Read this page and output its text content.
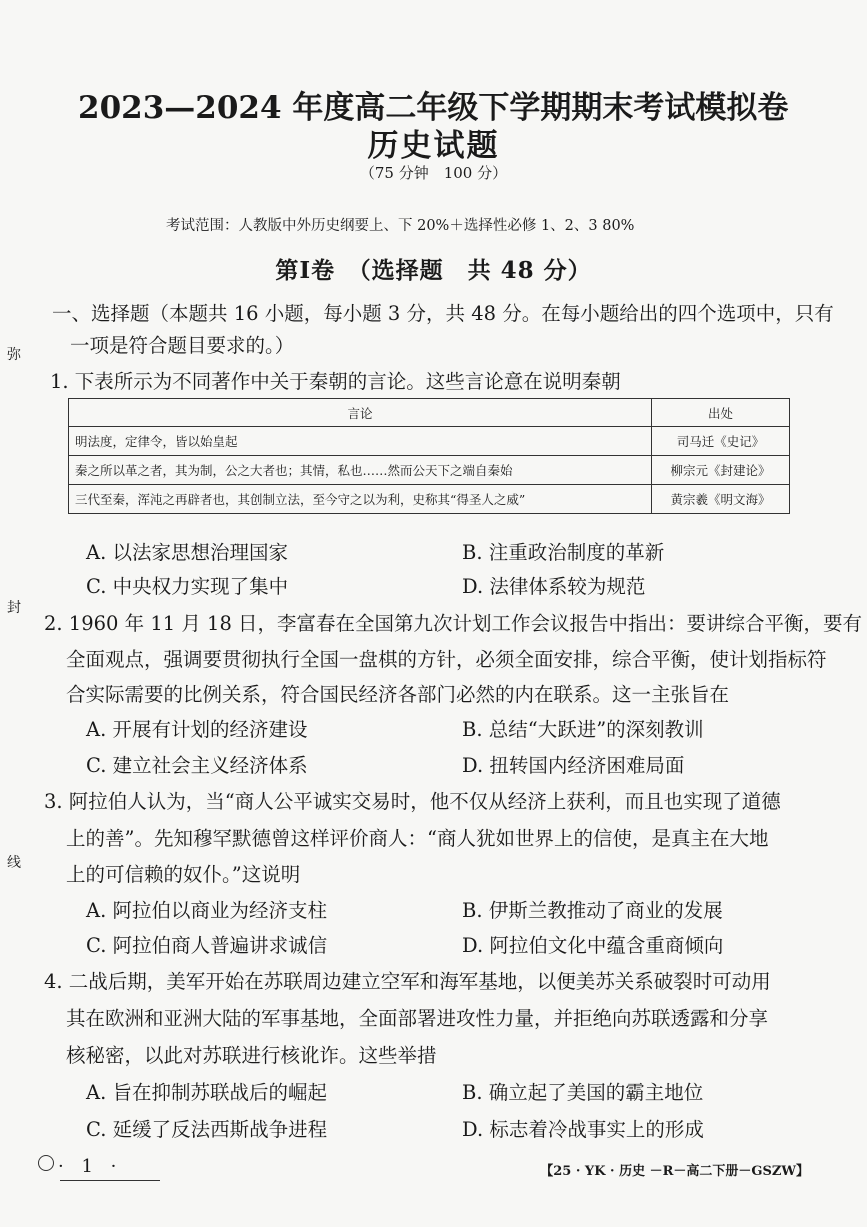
2023—2024 年度高二年级下学期期末考试模拟卷
历史试题
（75 分钟　100 分）
考试范围：人教版中外历史纲要上、下 20%＋选择性必修 1、2、3 80%
第Ⅰ卷　（选择题　共 48 分）
一、选择题（本题共 16 小题，每小题 3 分，共 48 分。在每小题给出的四个选项中，只有
一项是符合题目要求的。）
1. 下表所示为不同著作中关于秦朝的言论。这些言论意在说明秦朝
言论	出处
明法度，定律令，皆以始皇起	司马迁《史记》
秦之所以革之者，其为制，公之大者也；其情，私也……然而公天下之端自秦始	柳宗元《封建论》
三代至秦，浑沌之再辟者也，其创制立法，至今守之以为利，史称其“得圣人之威”	黄宗羲《明文海》
A. 以法家思想治理国家	B. 注重政治制度的革新
C. 中央权力实现了集中	D. 法律体系较为规范
2. 1960 年 11 月 18 日，李富春在全国第九次计划工作会议报告中指出：要讲综合平衡，要有
全面观点，强调要贯彻执行全国一盘棋的方针，必须全面安排，综合平衡，使计划指标符
合实际需要的比例关系，符合国民经济各部门必然的内在联系。这一主张旨在
A. 开展有计划的经济建设	B. 总结“大跃进”的深刻教训
C. 建立社会主义经济体系	D. 扭转国内经济困难局面
3. 阿拉伯人认为，当“商人公平诚实交易时，他不仅从经济上获利，而且也实现了道德
上的善”。先知穆罕默德曾这样评价商人：“商人犹如世界上的信使，是真主在大地
上的可信赖的奴仆。”这说明
A. 阿拉伯以商业为经济支柱	B. 伊斯兰教推动了商业的发展
C. 阿拉伯商人普遍讲求诚信	D. 阿拉伯文化中蕴含重商倾向
4. 二战后期，美军开始在苏联周边建立空军和海军基地，以便美苏关系破裂时可动用
其在欧洲和亚洲大陆的军事基地，全面部署进攻性力量，并拒绝向苏联透露和分享
核秘密，以此对苏联进行核讹诈。这些举措
A. 旨在抑制苏联战后的崛起	B. 确立起了美国的霸主地位
C. 延缓了反法西斯战争进程	D. 标志着冷战事实上的形成
弥
封
线
· 1 ·	【25 · YK · 历史 －R－高二下册－GSZW】
